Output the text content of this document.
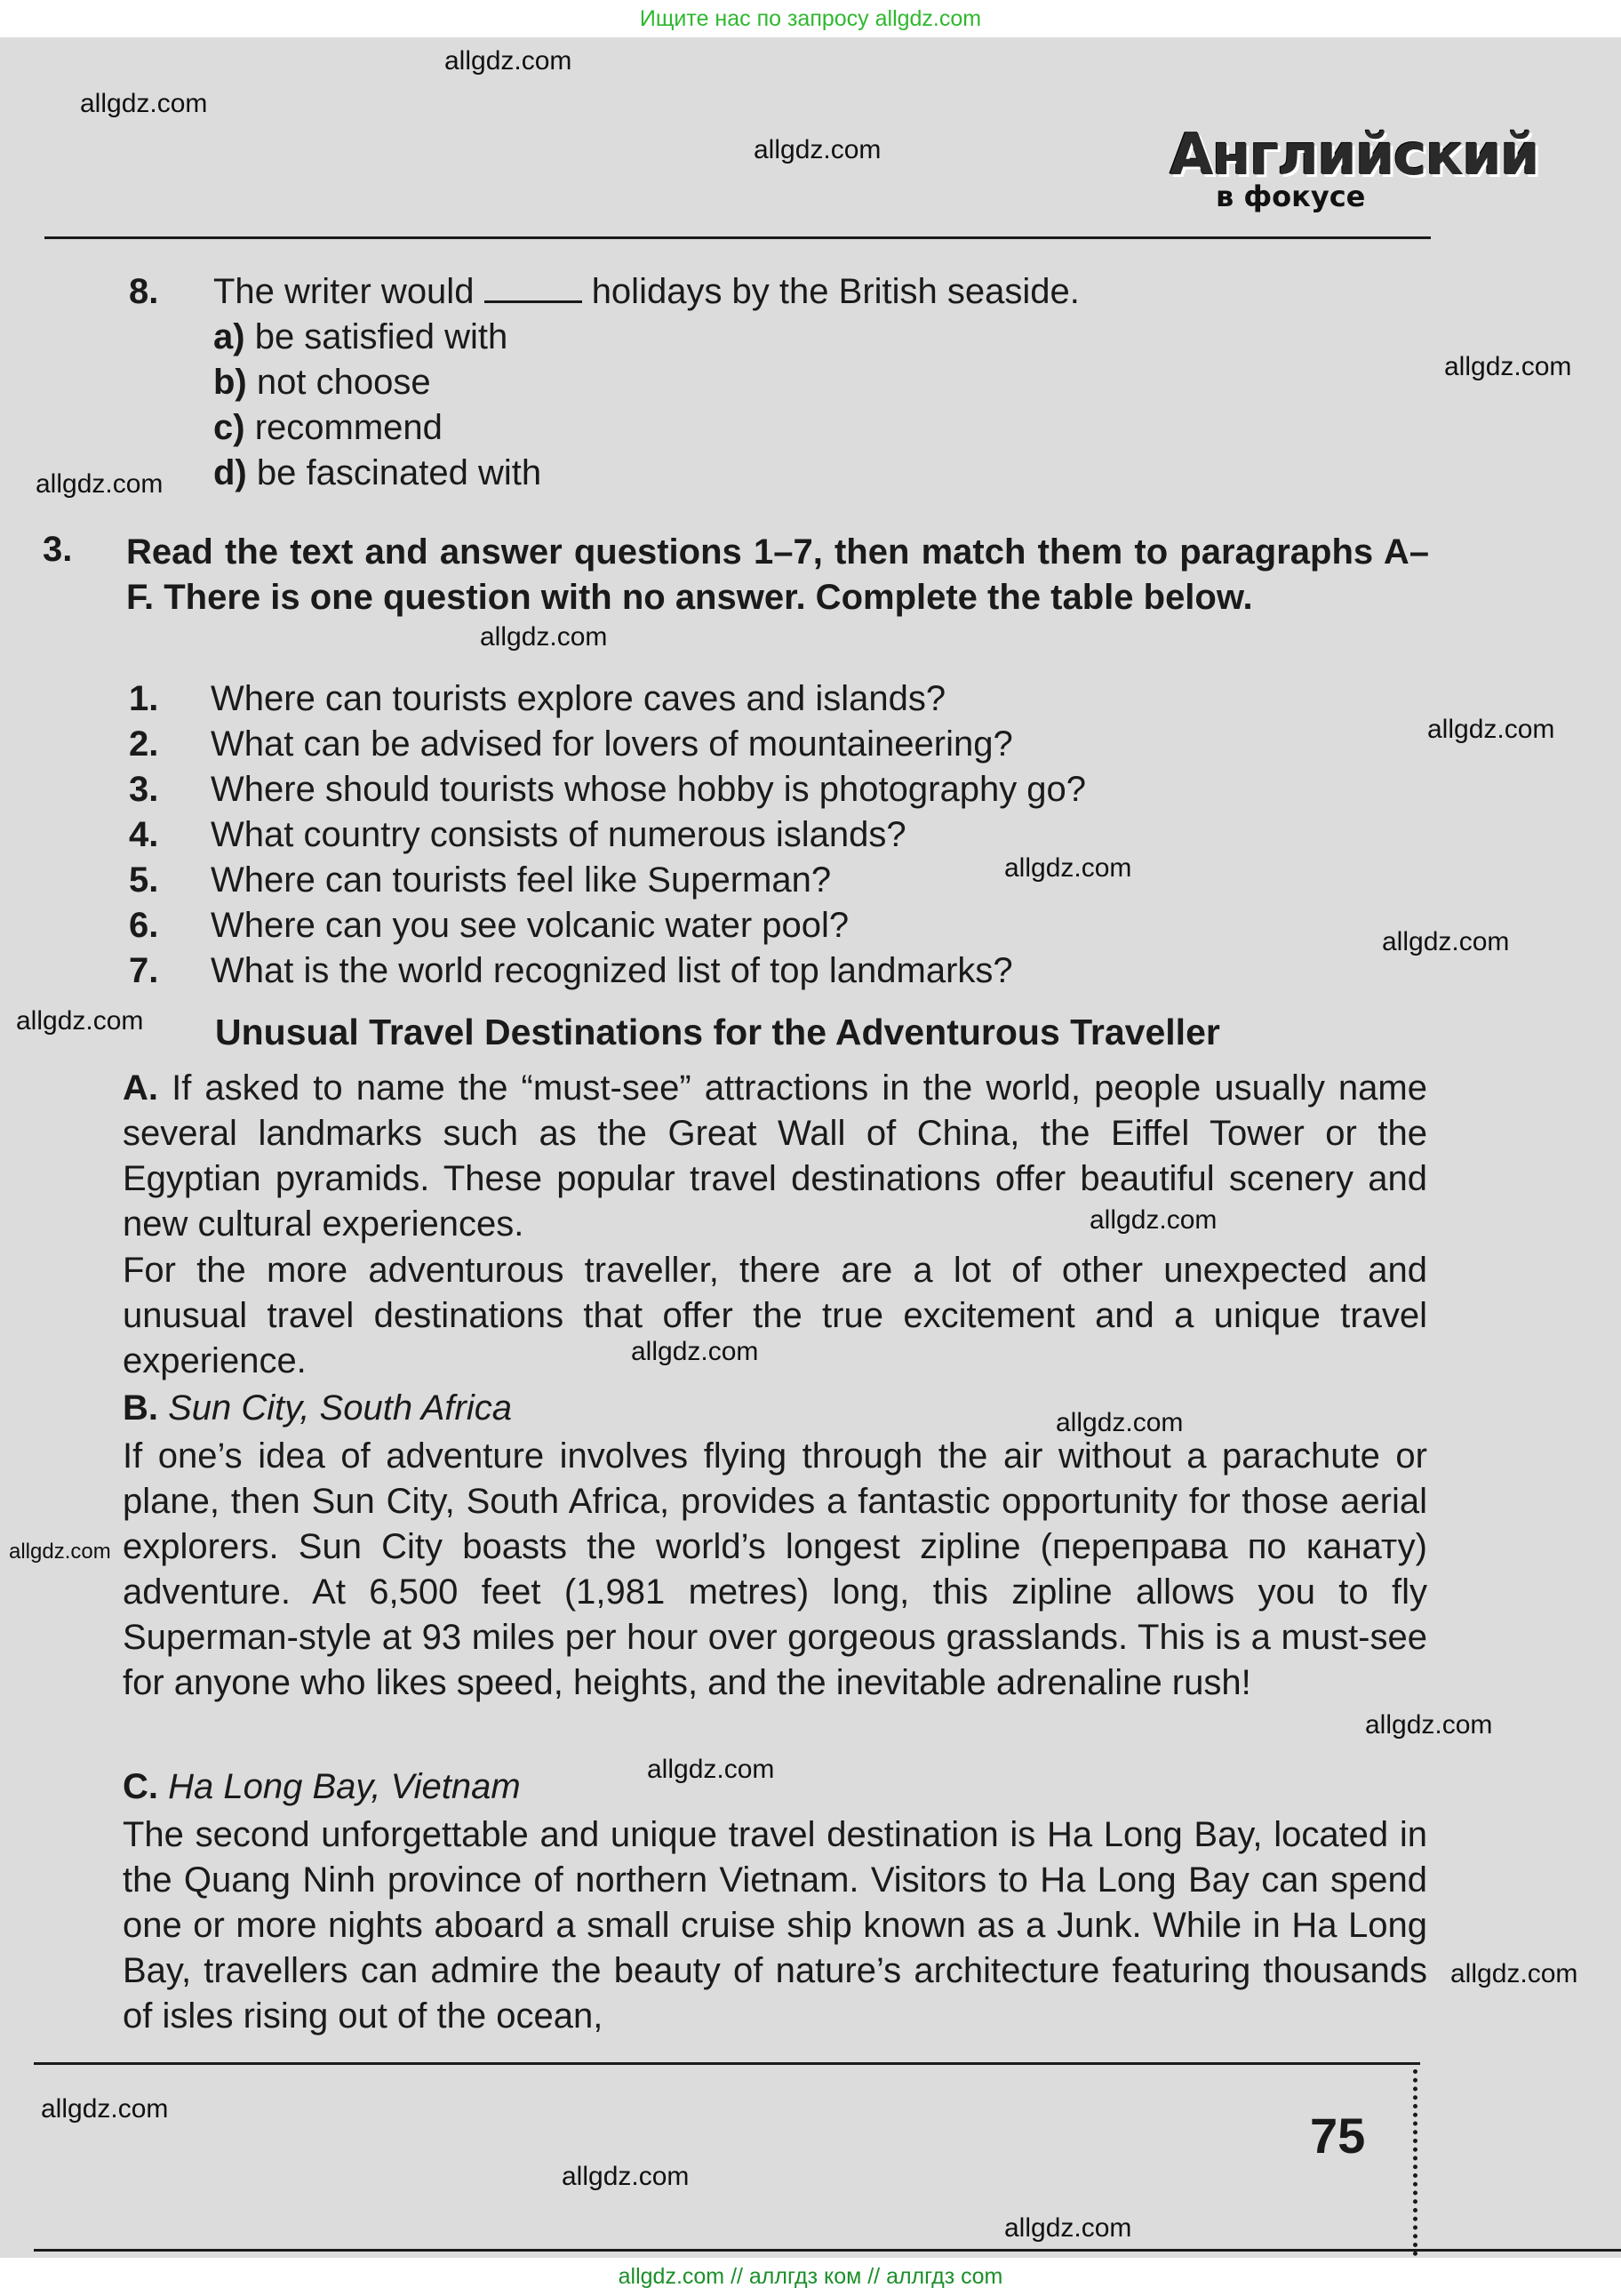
Ищите нас по запросу allgdz.com
allgdz.com
allgdz.com
allgdz.com
allgdz.com
allgdz.com
allgdz.com
allgdz.com
allgdz.com
allgdz.com
allgdz.com
allgdz.com
allgdz.com
allgdz.com
allgdz.com
allgdz.com
allgdz.com
allgdz.com
allgdz.com
allgdz.com
allgdz.com
Английский
в фокусе
8. The writer would	holidays by the British seaside.
a) be satisfied with
b) not choose
c) recommend
d) be fascinated with
3. Read the text and answer questions 1–7, then match them to paragraphs A–F. There is one question with no answer. Complete the table below.
1. Where can tourists explore caves and islands?
2. What can be advised for lovers of mountaineering?
3. Where should tourists whose hobby is photography go?
4. What country consists of numerous islands?
5. Where can tourists feel like Superman?
6. Where can you see volcanic water pool?
7. What is the world recognized list of top landmarks?
Unusual Travel Destinations for the Adventurous Traveller
A. If asked to name the “must-see” attractions in the world, people usually name several landmarks such as the Great Wall of China, the Eiffel Tower or the Egyptian pyramids. These popular travel destinations offer beautiful scenery and new cultural experiences.
For the more adventurous traveller, there are a lot of other unexpected and unusual travel destinations that offer the true excitement and a unique travel experience.
B. Sun City, South Africa
If one’s idea of adventure involves flying through the air without a parachute or plane, then Sun City, South Africa, provides a fantastic opportunity for those aerial explorers. Sun City boasts the world’s longest zipline (переправа по канату) adventure. At 6,500 feet (1,981 metres) long, this zipline allows you to fly Superman-style at 93 miles per hour over gorgeous grasslands. This is a must-see for anyone who likes speed, heights, and the inevitable adrenaline rush!
C. Ha Long Bay, Vietnam
The second unforgettable and unique travel destination is Ha Long Bay, located in the Quang Ninh province of northern Vietnam. Visitors to Ha Long Bay can spend one or more nights aboard a small cruise ship known as a Junk. While in Ha Long Bay, travellers can admire the beauty of nature’s architecture featuring thousands of isles rising out of the ocean,
75
allgdz.com // аллгдз ком // аллгдз com
